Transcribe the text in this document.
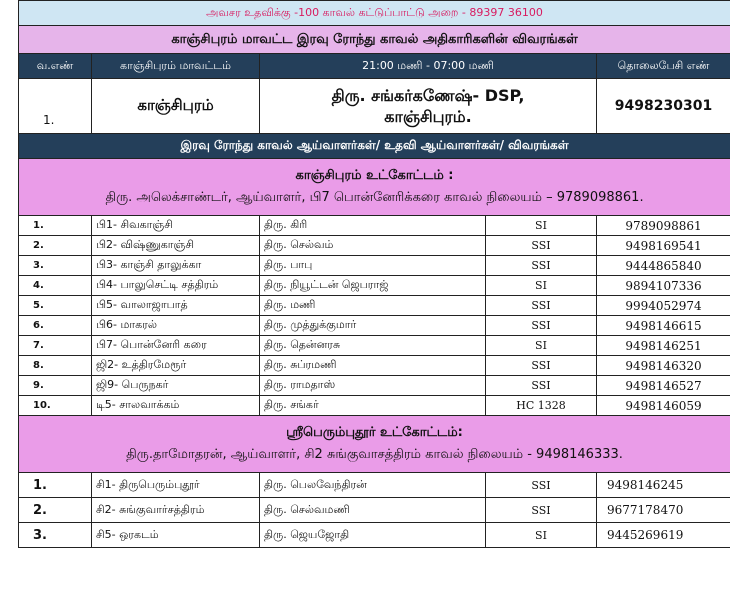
அவசர உதவிக்கு -100 காவல் கட்டுப்பாட்டு அறை - 89397 36100				
காஞ்சிபுரம் மாவட்ட இரவு ரோந்து காவல் அதிகாரிகளின் விவரங்கள்				
வ.எண்	காஞ்சிபுரம் மாவட்டம்	21:00 மணி - 07:00 மணி		தொலைபேசி எண்
1.	காஞ்சிபுரம்	திரு. சங்கர்கணேஷ்- DSP,
காஞ்சிபுரம்.		9498230301
இரவு ரோந்து காவல் ஆய்வாளர்கள்/ உதவி ஆய்வாளர்கள்/ விவரங்கள்				

காஞ்சிபுரம் உட்கோட்டம் :
திரு. அலெக்சாண்டர், ஆய்வாளர், பி7 பொன்னேரிக்கரை காவல் நிலையம் – 9789098861.				

1.	பி1- சிவகாஞ்சி	திரு. கிரி	SI	9789098861
2.	பி2- விஷ்ணுகாஞ்சி	திரு. செல்வம்	SSI	9498169541
3.	பி3- காஞ்சி தாலுக்கா	திரு. பாபு	SSI	9444865840
4.	பி4- பாலுசெட்டி சத்திரம்	திரு. நியூட்டன் ஜெபராஜ்	SI	9894107336
5.	பி5- வாலாஜாபாத்	திரு. மணி	SSI	9994052974
6.	பி6- மாகரல்	திரு. முத்துக்குமார்	SSI	9498146615
7.	பி7- பொன்னேரி கரை	திரு. தென்னரசு	SI	9498146251
8.	ஜி2- உத்திரமேரூர்	திரு. சுப்ரமணி	SSI	9498146320
9.	ஜி9- பெருநகர்	திரு. ராமதாஸ்	SSI	9498146527
10.	டி5- சாலவாக்கம்	திரு. சங்கர்	HC 1328	9498146059

ஸ்ரீபெரும்புதூர் உட்கோட்டம்:
திரு.தாமோதரன், ஆய்வாளர், சி2 சுங்குவாசத்திரம் காவல் நிலையம் - 9498146333.				

1.	சி1- திருபெரும்புதூர்	திரு. பெலவேந்திரன்	SSI	9498146245
2.	சி2- சுங்குவார்சத்திரம்	திரு. செல்வமணி	SSI	9677178470
3.	சி5- ஒரகடம்	திரு. ஜெயஜோதி	SI	9445269619
